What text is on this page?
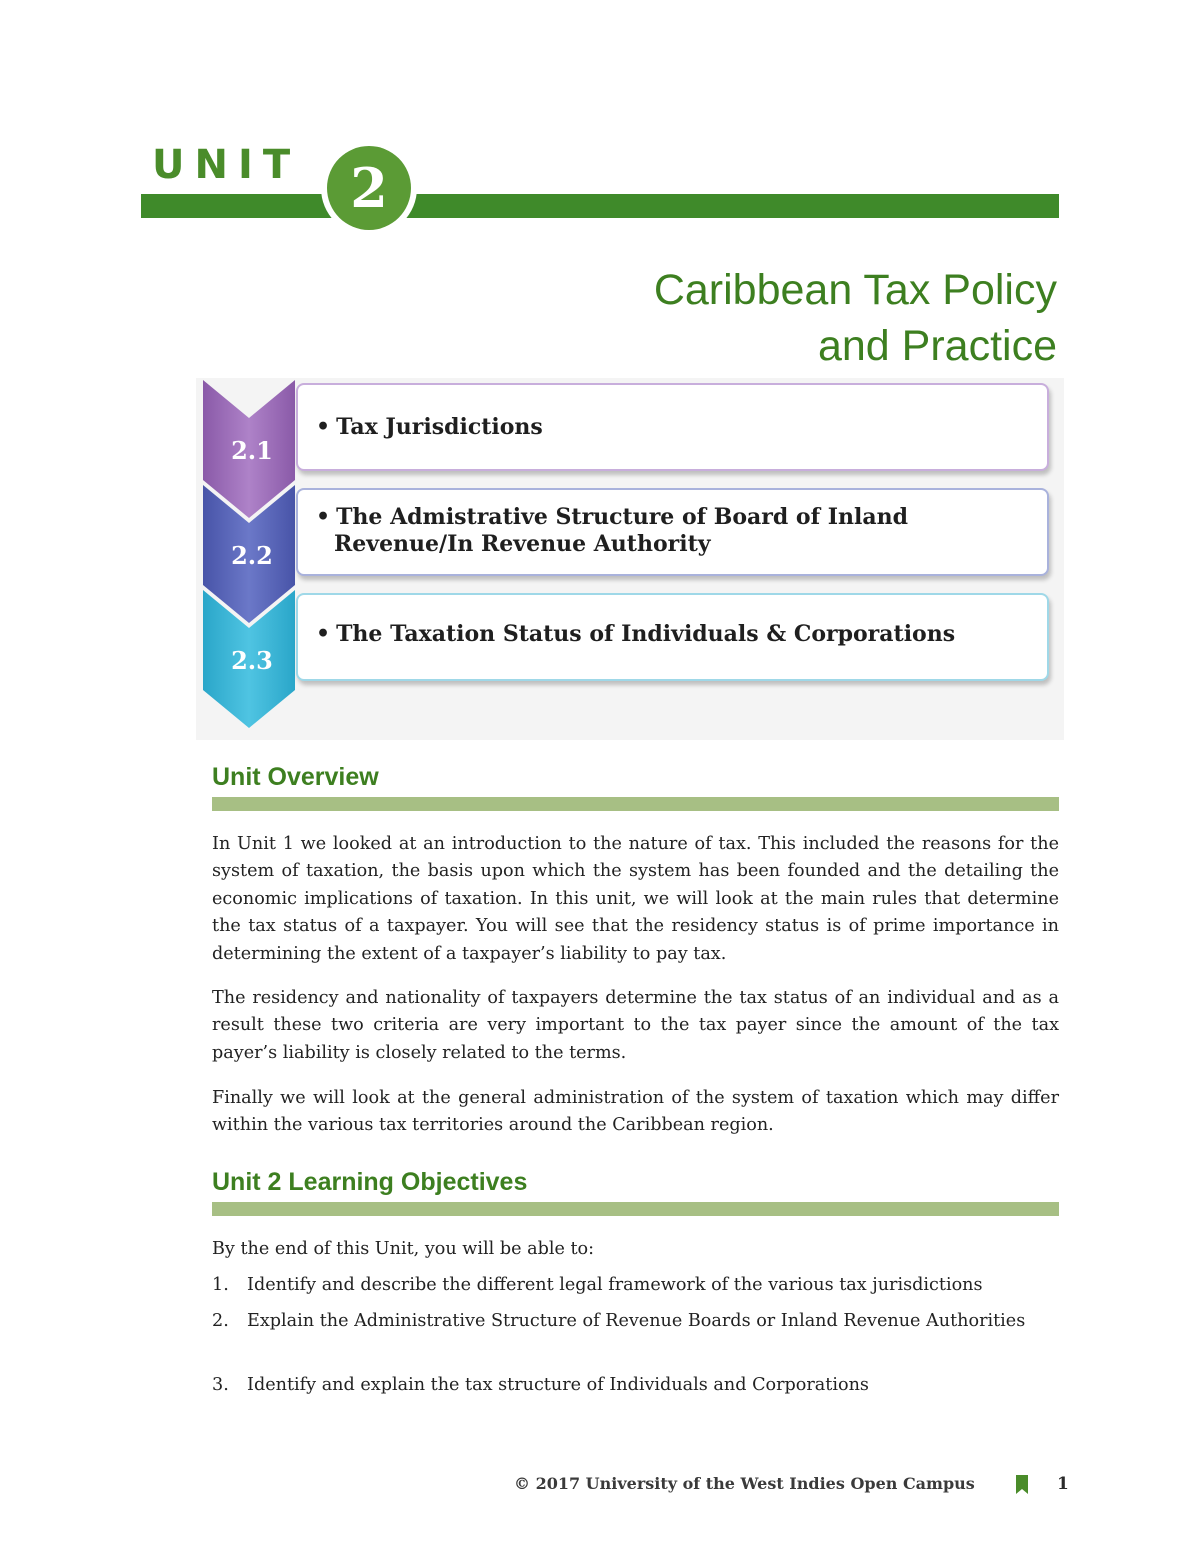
UNIT 2
Caribbean Tax Policy
and Practice
2.1
2.2
2.3
• Tax Jurisdictions
• The Admistrative Structure of Board of Inland Revenue/In Revenue Authority
• The Taxation Status of Individuals & Corporations
Unit Overview
In Unit 1 we looked at an introduction to the nature of tax. This included the reasons for the system of taxation, the basis upon which the system has been founded and the detailing the economic implications of taxation. In this unit, we will look at the main rules that determine the tax status of a taxpayer. You will see that the residency status is of prime importance in determining the extent of a taxpayer’s liability to pay tax.
The residency and nationality of taxpayers determine the tax status of an individual and as a result these two criteria are very important to the tax payer since the amount of the tax payer’s liability is closely related to the terms.
Finally we will look at the general administration of the system of taxation which may differ within the various tax territories around the Caribbean region.
Unit 2 Learning Objectives
By the end of this Unit, you will be able to:
1. Identify and describe the different legal framework of the various tax jurisdictions
2. Explain the Administrative Structure of Revenue Boards or Inland Revenue Authorities
3. Identify and explain the tax structure of Individuals and Corporations
© 2017 University of the West Indies Open Campus	1
